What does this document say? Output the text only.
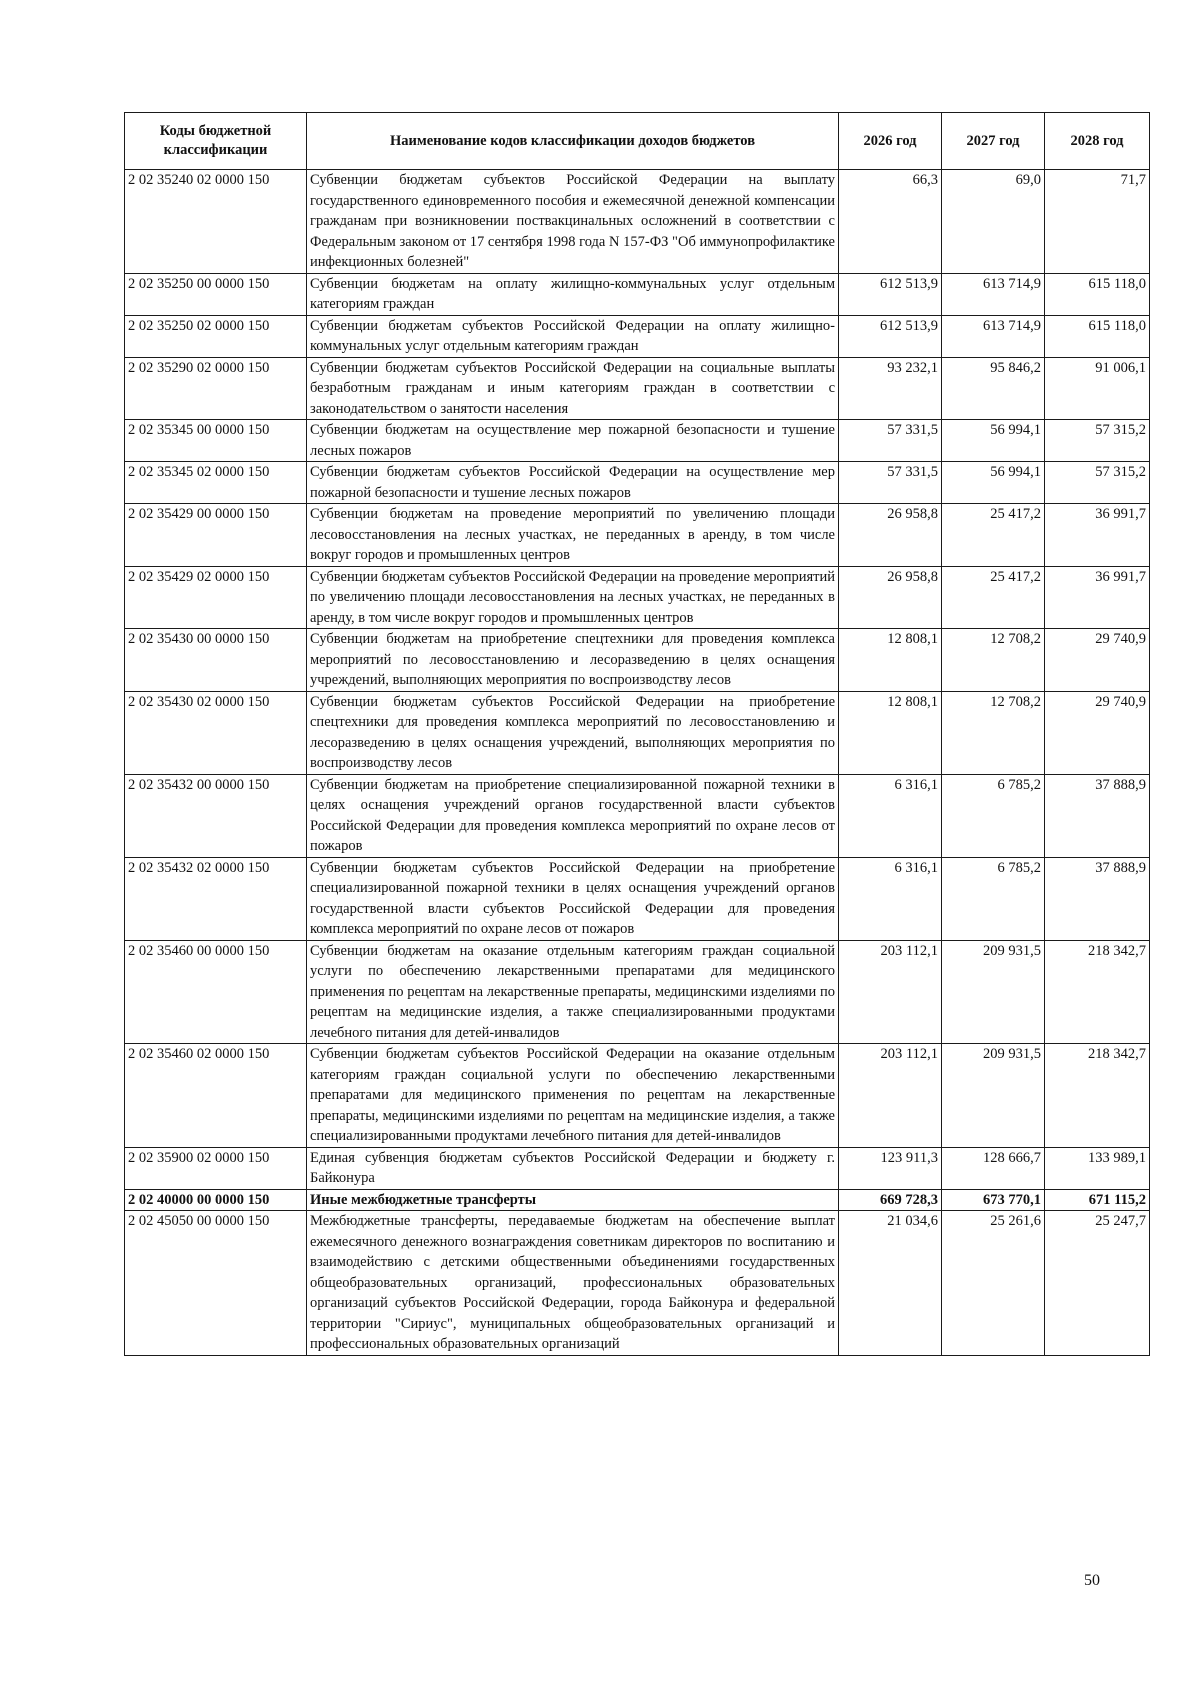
Коды бюджетной классификации	Наименование кодов классификации доходов бюджетов	2026 год	2027 год	2028 год
2 02 35240 02 0000 150	Субвенции бюджетам субъектов Российской Федерации на выплату государственного единовременного пособия и ежемесячной денежной компенсации гражданам при возникновении поствакцинальных осложнений в соответствии с Федеральным законом от 17 сентября 1998 года N 157-ФЗ "Об иммунопрофилактике инфекционных болезней"	66,3	69,0	71,7
2 02 35250 00 0000 150	Субвенции бюджетам на оплату жилищно-коммунальных услуг отдельным категориям граждан	612 513,9	613 714,9	615 118,0
2 02 35250 02 0000 150	Субвенции бюджетам субъектов Российской Федерации на оплату жилищно-коммунальных услуг отдельным категориям граждан	612 513,9	613 714,9	615 118,0
2 02 35290 02 0000 150	Субвенции бюджетам субъектов Российской Федерации на социальные выплаты безработным гражданам и иным категориям граждан в соответствии с законодательством о занятости населения	93 232,1	95 846,2	91 006,1
2 02 35345 00 0000 150	Субвенции бюджетам на осуществление мер пожарной безопасности и тушение лесных пожаров	57 331,5	56 994,1	57 315,2
2 02 35345 02 0000 150	Субвенции бюджетам субъектов Российской Федерации на осуществление мер пожарной безопасности и тушение лесных пожаров	57 331,5	56 994,1	57 315,2
2 02 35429 00 0000 150	Субвенции бюджетам на проведение мероприятий по увеличению площади лесовосстановления на лесных участках, не переданных в аренду, в том числе вокруг городов и промышленных центров	26 958,8	25 417,2	36 991,7
2 02 35429 02 0000 150	Субвенции бюджетам субъектов Российской Федерации на проведение мероприятий по увеличению площади лесовосстановления на лесных участках, не переданных в аренду, в том числе вокруг городов и промышленных центров	26 958,8	25 417,2	36 991,7
2 02 35430 00 0000 150	Субвенции бюджетам на приобретение спецтехники для проведения комплекса мероприятий по лесовосстановлению и лесоразведению в целях оснащения учреждений, выполняющих мероприятия по воспроизводству лесов	12 808,1	12 708,2	29 740,9
2 02 35430 02 0000 150	Субвенции бюджетам субъектов Российской Федерации на приобретение спецтехники для проведения комплекса мероприятий по лесовосстановлению и лесоразведению в целях оснащения учреждений, выполняющих мероприятия по воспроизводству лесов	12 808,1	12 708,2	29 740,9
2 02 35432 00 0000 150	Субвенции бюджетам на приобретение специализированной пожарной техники в целях оснащения учреждений органов государственной власти субъектов Российской Федерации для проведения комплекса мероприятий по охране лесов от пожаров	6 316,1	6 785,2	37 888,9
2 02 35432 02 0000 150	Субвенции бюджетам субъектов Российской Федерации на приобретение специализированной пожарной техники в целях оснащения учреждений органов государственной власти субъектов Российской Федерации для проведения комплекса мероприятий по охране лесов от пожаров	6 316,1	6 785,2	37 888,9
2 02 35460 00 0000 150	Субвенции бюджетам на оказание отдельным категориям граждан социальной услуги по обеспечению лекарственными препаратами для медицинского применения по рецептам на лекарственные препараты, медицинскими изделиями по рецептам на медицинские изделия, а также специализированными продуктами лечебного питания для детей-инвалидов	203 112,1	209 931,5	218 342,7
2 02 35460 02 0000 150	Субвенции бюджетам субъектов Российской Федерации на оказание отдельным категориям граждан социальной услуги по обеспечению лекарственными препаратами для медицинского применения по рецептам на лекарственные препараты, медицинскими изделиями по рецептам на медицинские изделия, а также специализированными продуктами лечебного питания для детей-инвалидов	203 112,1	209 931,5	218 342,7
2 02 35900 02 0000 150	Единая субвенция бюджетам субъектов Российской Федерации и бюджету г. Байконура	123 911,3	128 666,7	133 989,1
2 02 40000 00 0000 150	Иные межбюджетные трансферты	669 728,3	673 770,1	671 115,2
2 02 45050 00 0000 150	Межбюджетные трансферты, передаваемые бюджетам на обеспечение выплат ежемесячного денежного вознаграждения советникам директоров по воспитанию и взаимодействию с детскими общественными объединениями государственных общеобразовательных организаций, профессиональных образовательных организаций субъектов Российской Федерации, города Байконура и федеральной территории "Сириус", муниципальных общеобразовательных организаций и профессиональных образовательных организаций	21 034,6	25 261,6	25 247,7
50
